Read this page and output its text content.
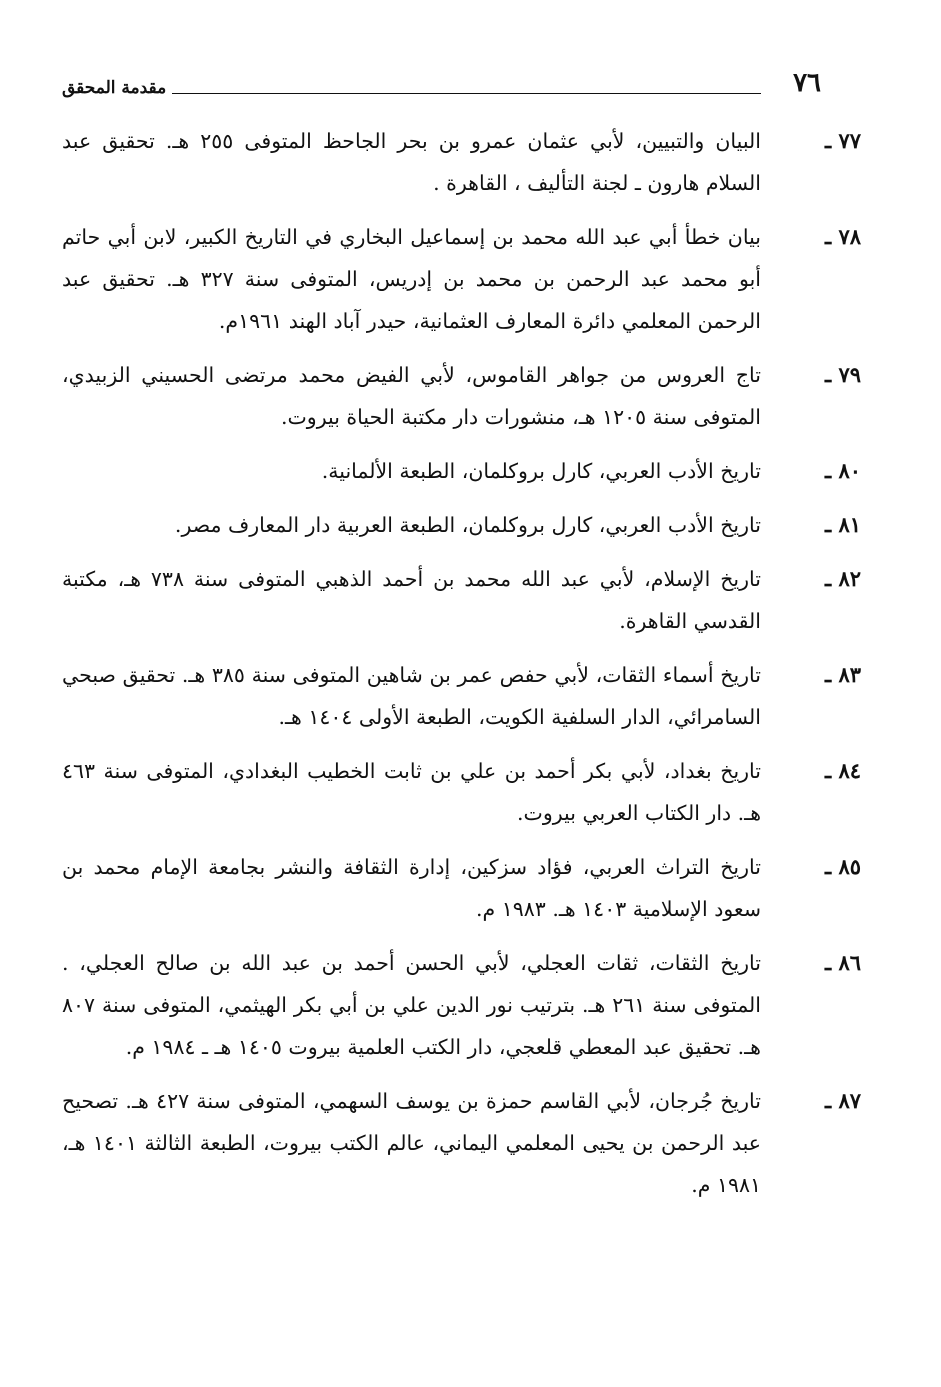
٧٦
مقدمة المحقق
٧٧ ـ
البيان والتبيين، لأبي عثمان عمرو بن بحر الجاحظ المتوفى ٢٥٥ هـ. تحقيق عبد السلام هارون ـ لجنة التأليف ، القاهرة .
٧٨ ـ
بيان خطأ أبي عبد الله محمد بن إسماعيل البخاري في التاريخ الكبير، لابن أبي حاتم أبو محمد عبد الرحمن بن محمد بن إدريس، المتوفى سنة ٣٢٧ هـ. تحقيق عبد الرحمن المعلمي دائرة المعارف العثمانية، حيدر آباد الهند ١٩٦١م.
٧٩ ـ
تاج العروس من جواهر القاموس، لأبي الفيض محمد مرتضى الحسيني الزبيدي، المتوفى سنة ١٢٠٥ هـ، منشورات دار مكتبة الحياة بيروت.
٨٠ ـ
تاريخ الأدب العربي، كارل بروكلمان، الطبعة الألمانية.
٨١ ـ
تاريخ الأدب العربي، كارل بروكلمان، الطبعة العربية دار المعارف مصر.
٨٢ ـ
تاريخ الإسلام، لأبي عبد الله محمد بن أحمد الذهبي المتوفى سنة ٧٣٨ هـ، مكتبة القدسي القاهرة.
٨٣ ـ
تاريخ أسماء الثقات، لأبي حفص عمر بن شاهين المتوفى سنة ٣٨٥ هـ. تحقيق صبحي السامرائي، الدار السلفية الكويت، الطبعة الأولى ١٤٠٤ هـ.
٨٤ ـ
تاريخ بغداد، لأبي بكر أحمد بن علي بن ثابت الخطيب البغدادي، المتوفى سنة ٤٦٣ هـ. دار الكتاب العربي بيروت.
٨٥ ـ
تاريخ التراث العربي، فؤاد سزكين، إدارة الثقافة والنشر بجامعة الإمام محمد بن سعود الإسلامية ١٤٠٣ هـ. ١٩٨٣ م.
٨٦ ـ
تاريخ الثقات، ثقات العجلي، لأبي الحسن أحمد بن عبد الله بن صالح العجلي، . المتوفى سنة ٢٦١ هـ. بترتيب نور الدين علي بن أبي بكر الهيثمي، المتوفى سنة ٨٠٧ هـ. تحقيق عبد المعطي قلعجي، دار الكتب العلمية بيروت ١٤٠٥ هـ ـ ١٩٨٤ م.
٨٧ ـ
تاريخ جُرجان، لأبي القاسم حمزة بن يوسف السهمي، المتوفى سنة ٤٢٧ هـ. تصحيح عبد الرحمن بن يحيى المعلمي اليماني، عالم الكتب بيروت، الطبعة الثالثة ١٤٠١ هـ، ١٩٨١ م.
